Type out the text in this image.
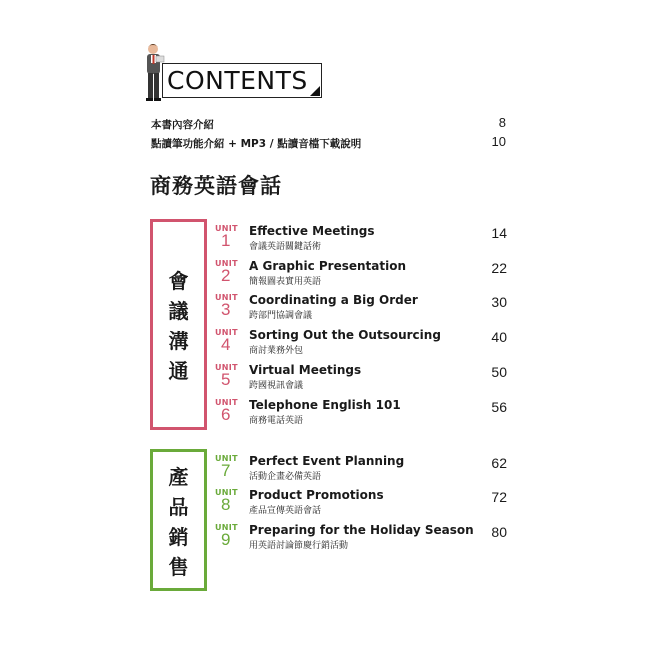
CONTENTS
本書內容介紹	8
點讀筆功能介紹 + MP3 / 點讀音檔下載說明	10
商務英語會話
會
議
溝
通
產
品
銷
售
UNIT
1 Effective Meetings
會議英語關鍵話術
14
UNIT
2 A Graphic Presentation
簡報圖表實用英語
22
UNIT
3 Coordinating a Big Order
跨部門協調會議
30
UNIT
4 Sorting Out the Outsourcing
商討業務外包
40
UNIT
5 Virtual Meetings
跨國視訊會議
50
UNIT
6 Telephone English 101
商務電話英語
56
UNIT
7 Perfect Event Planning
活動企畫必備英語
62
UNIT
8 Product Promotions
產品宣傳英語會話
72
UNIT
9 Preparing for the Holiday Season
用英語討論節慶行銷活動
80
